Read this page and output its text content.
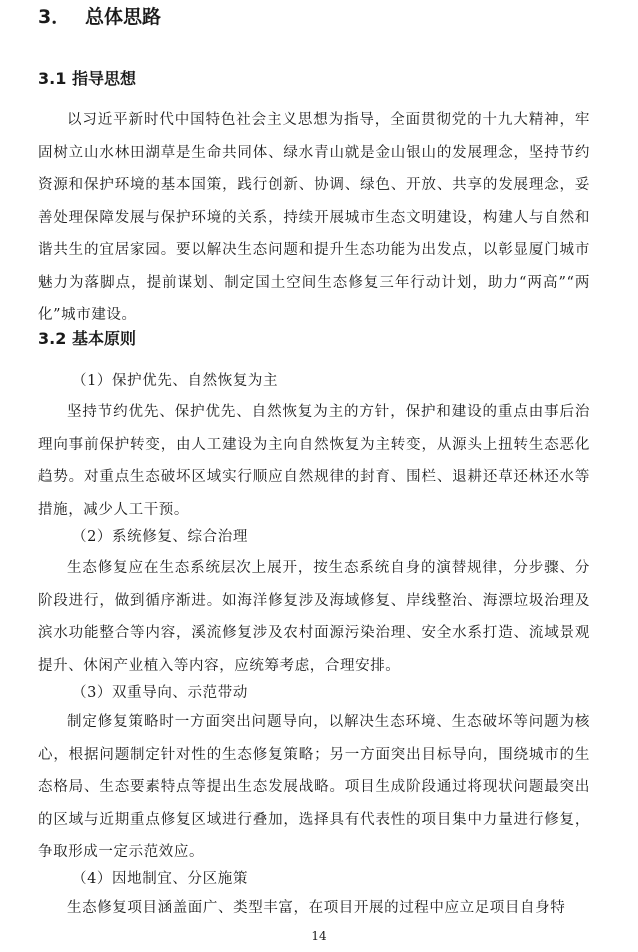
3． 总体思路
3.1 指导思想

以习近平新时代中国特色社会主义思想为指导，全面贯彻党的十九大精神，牢固树立山水林田湖草是生命共同体、绿水青山就是金山银山的发展理念，坚持节约资源和保护环境的基本国策，践行创新、协调、绿色、开放、共享的发展理念，妥善处理保障发展与保护环境的关系，持续开展城市生态文明建设，构建人与自然和谐共生的宜居家园。要以解决生态问题和提升生态功能为出发点，以彰显厦门城市魅力为落脚点，提前谋划、制定国土空间生态修复三年行动计划，助力“两高”“两化”城市建设。

3.2 基本原则
（1）保护优先、自然恢复为主

坚持节约优先、保护优先、自然恢复为主的方针，保护和建设的重点由事后治理向事前保护转变，由人工建设为主向自然恢复为主转变，从源头上扭转生态恶化趋势。对重点生态破坏区域实行顺应自然规律的封育、围栏、退耕还草还林还水等措施，减少人工干预。

（2）系统修复、综合治理

生态修复应在生态系统层次上展开，按生态系统自身的演替规律，分步骤、分阶段进行，做到循序渐进。如海洋修复涉及海域修复、岸线整治、海漂垃圾治理及滨水功能整合等内容，溪流修复涉及农村面源污染治理、安全水系打造、流域景观提升、休闲产业植入等内容，应统筹考虑，合理安排。

（3）双重导向、示范带动

制定修复策略时一方面突出问题导向，以解决生态环境、生态破坏等问题为核心，根据问题制定针对性的生态修复策略；另一方面突出目标导向，围绕城市的生态格局、生态要素特点等提出生态发展战略。项目生成阶段通过将现状问题最突出的区域与近期重点修复区域进行叠加，选择具有代表性的项目集中力量进行修复，争取形成一定示范效应。

（4）因地制宜、分区施策

生态修复项目涵盖面广、类型丰富，在项目开展的过程中应立足项目自身特

14
